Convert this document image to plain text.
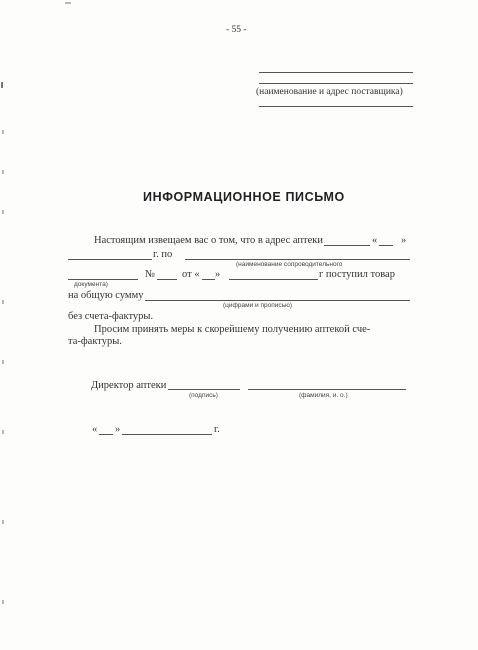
- 55 -
(наименование и адрес поставщика)
ИНФОРМАЦИОННОЕ ПИСЬМО
Настоящим извещаем вас о том, что в адрес аптеки	« »
г. по
(наименование сопроводительного
№	от « »	г поступил товар
документа)
на общую сумму
(цифрами и прописью)
без счета-фактуры.
Просим принять меры к скорейшему получению аптекой сче-
та-фактуры.
Директор аптеки
(подпись)	(фамилия, и. о.)
« »	г.
